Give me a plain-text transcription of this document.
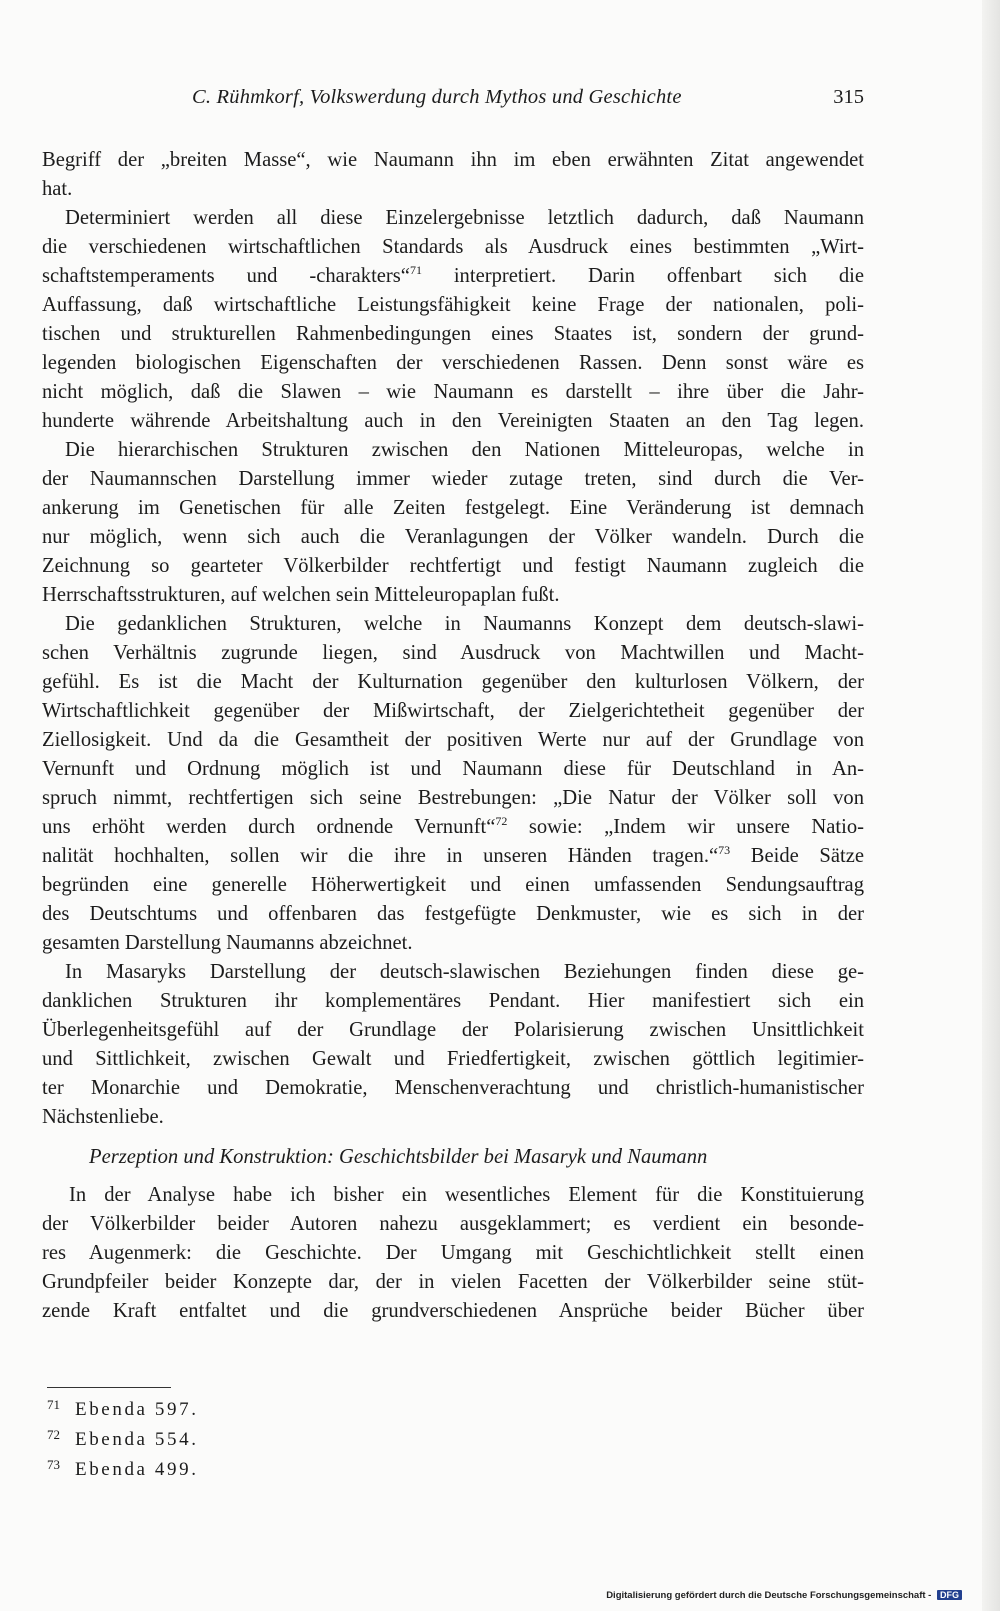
C. Rühmkorf, Volkswerdung durch Mythos und Geschichte	315
Begriff der „breiten Masse“, wie Naumann ihn im eben erwähnten Zitat angewendet
hat.
Determiniert werden all diese Einzelergebnisse letztlich dadurch, daß Naumann
die verschiedenen wirtschaftlichen Standards als Ausdruck eines bestimmten „Wirt-
schaftstemperaments und -charakters“$^{71}$ interpretiert. Darin offenbart sich die
Auffassung, daß wirtschaftliche Leistungsfähigkeit keine Frage der nationalen, poli-
tischen und strukturellen Rahmenbedingungen eines Staates ist, sondern der grund-
legenden biologischen Eigenschaften der verschiedenen Rassen. Denn sonst wäre es
nicht möglich, daß die Slawen – wie Naumann es darstellt – ihre über die Jahr-
hunderte währende Arbeitshaltung auch in den Vereinigten Staaten an den Tag legen.
Die hierarchischen Strukturen zwischen den Nationen Mitteleuropas, welche in
der Naumannschen Darstellung immer wieder zutage treten, sind durch die Ver-
ankerung im Genetischen für alle Zeiten festgelegt. Eine Veränderung ist demnach
nur möglich, wenn sich auch die Veranlagungen der Völker wandeln. Durch die
Zeichnung so gearteter Völkerbilder rechtfertigt und festigt Naumann zugleich die
Herrschaftsstrukturen, auf welchen sein Mitteleuropaplan fußt.
Die gedanklichen Strukturen, welche in Naumanns Konzept dem deutsch-slawi-
schen Verhältnis zugrunde liegen, sind Ausdruck von Machtwillen und Macht-
gefühl. Es ist die Macht der Kulturnation gegenüber den kulturlosen Völkern, der
Wirtschaftlichkeit gegenüber der Mißwirtschaft, der Zielgerichtetheit gegenüber der
Ziellosigkeit. Und da die Gesamtheit der positiven Werte nur auf der Grundlage von
Vernunft und Ordnung möglich ist und Naumann diese für Deutschland in An-
spruch nimmt, rechtfertigen sich seine Bestrebungen: „Die Natur der Völker soll von
uns erhöht werden durch ordnende Vernunft“$^{72}$ sowie: „Indem wir unsere Natio-
nalität hochhalten, sollen wir die ihre in unseren Händen tragen.“$^{73}$ Beide Sätze
begründen eine generelle Höherwertigkeit und einen umfassenden Sendungsauftrag
des Deutschtums und offenbaren das festgefügte Denkmuster, wie es sich in der
gesamten Darstellung Naumanns abzeichnet.
In Masaryks Darstellung der deutsch-slawischen Beziehungen finden diese ge-
danklichen Strukturen ihr komplementäres Pendant. Hier manifestiert sich ein
Überlegenheitsgefühl auf der Grundlage der Polarisierung zwischen Unsittlichkeit
und Sittlichkeit, zwischen Gewalt und Friedfertigkeit, zwischen göttlich legitimier-
ter Monarchie und Demokratie, Menschenverachtung und christlich-humanistischer
Nächstenliebe.
Perzeption und Konstruktion: Geschichtsbilder bei Masaryk und Naumann
In der Analyse habe ich bisher ein wesentliches Element für die Konstituierung
der Völkerbilder beider Autoren nahezu ausgeklammert; es verdient ein besonde-
res Augenmerk: die Geschichte. Der Umgang mit Geschichtlichkeit stellt einen
Grundpfeiler beider Konzepte dar, der in vielen Facetten der Völkerbilder seine stüt-
zende Kraft entfaltet und die grundverschiedenen Ansprüche beider Bücher über
71 Ebenda 597.
72 Ebenda 554.
73 Ebenda 499.
Digitalisierung gefördert durch die Deutsche Forschungsgemeinschaft - DFG
